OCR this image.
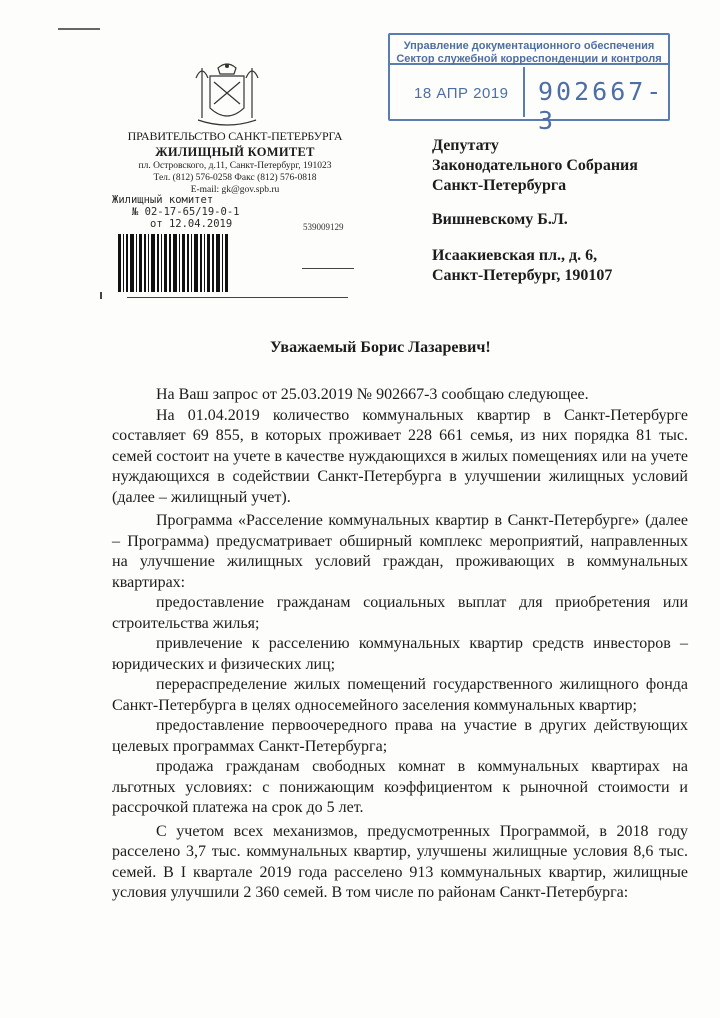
ПРАВИТЕЛЬСТВО САНКТ-ПЕТЕРБУРГА
ЖИЛИЩНЫЙ КОМИТЕТ
пл. Островского, д.11, Санкт-Петербург, 191023
Тел. (812) 576-0258 Факс (812) 576-0818
E-mail: gk@gov.spb.ru
Жилищный комитет
№ 02-17-65/19-0-1
от 12.04.2019	539009129
Управление документационного обеспечения
Сектор служебной корреспонденции и контроля
18 АПР 2019 902667-3
Депутату
Законодательного Собрания
Санкт-Петербурга
Вишневскому Б.Л.
Исаакиевская пл., д. 6,
Санкт-Петербург, 190107
Уважаемый Борис Лазаревич!

На Ваш запрос от 25.03.2019 № 902667-3 сообщаю следующее.

На 01.04.2019 количество коммунальных квартир в Санкт-Петербурге составляет 69 855, в которых проживает 228 661 семья, из них порядка 81 тыс. семей состоит на учете в качестве нуждающихся в жилых помещениях или на учете нуждающихся в содействии Санкт-Петербурга в улучшении жилищных условий (далее – жилищный учет).

Программа «Расселение коммунальных квартир в Санкт-Петербурге» (далее – Программа) предусматривает обширный комплекс мероприятий, направленных на улучшение жилищных условий граждан, проживающих в коммунальных квартирах:

предоставление гражданам социальных выплат для приобретения или строительства жилья;

привлечение к расселению коммунальных квартир средств инвесторов – юридических и физических лиц;

перераспределение жилых помещений государственного жилищного фонда Санкт-Петербурга в целях односемейного заселения коммунальных квартир;

предоставление первоочередного права на участие в других действующих целевых программах Санкт-Петербурга;

продажа гражданам свободных комнат в коммунальных квартирах на льготных условиях: с понижающим коэффициентом к рыночной стоимости и рассрочкой платежа на срок до 5 лет.

С учетом всех механизмов, предусмотренных Программой, в 2018 году расселено 3,7 тыс. коммунальных квартир, улучшены жилищные условия 8,6 тыс. семей. В I квартале 2019 года расселено 913 коммунальных квартир, жилищные условия улучшили 2 360 семей. В том числе по районам Санкт-Петербурга:
